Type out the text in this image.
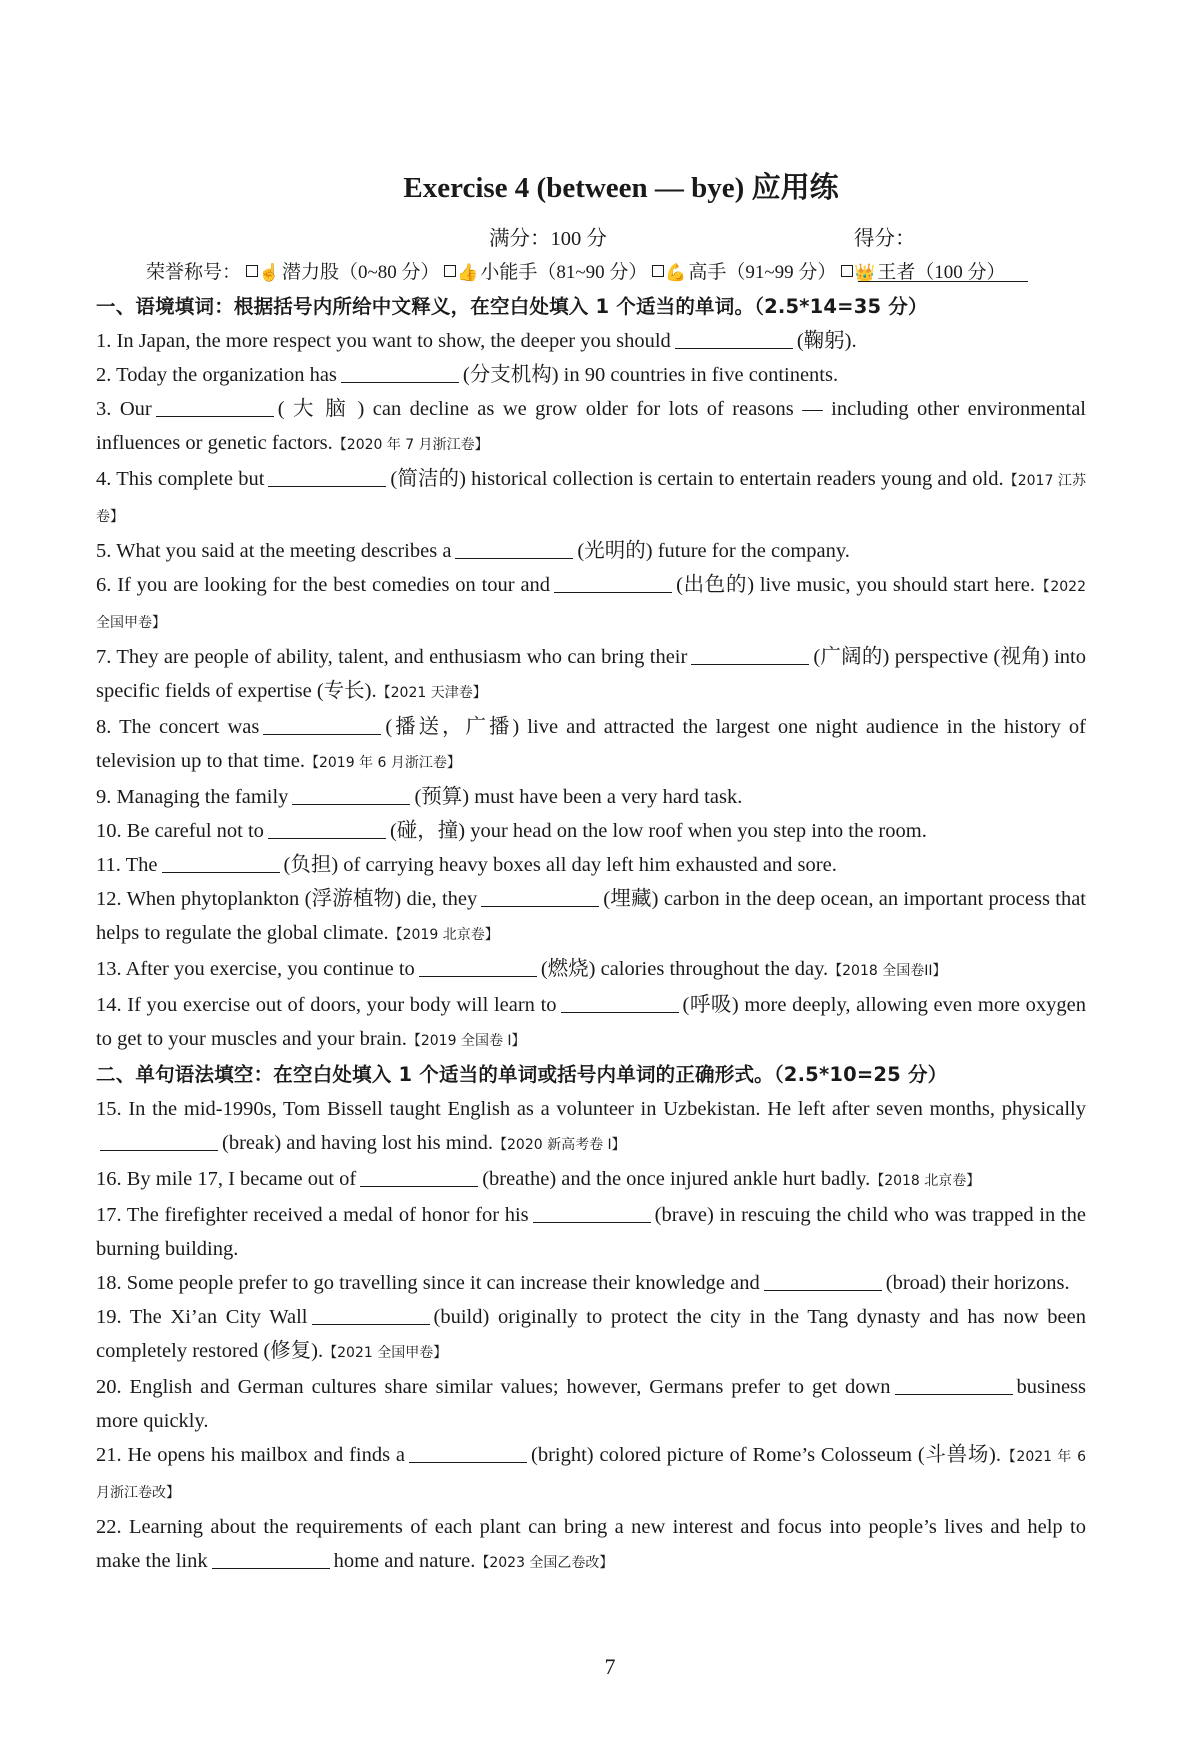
Exercise 4 (between — bye) 应用练
满分：100 分	得分：
荣誉称号： ☝ 潜力股（0~80 分） 👍 小能手（81~90 分） 💪 高手（91~99 分） 👑 王者（100 分）
一、语境填词：根据括号内所给中文释义，在空白处填入 1 个适当的单词。（2.5*14=35 分）
1. In Japan, the more respect you want to show, the deeper you should	(鞠躬).
2. Today the organization has	(分支机构) in 90 countries in five continents.
3. Our	( 大 脑 ) can decline as we grow older for lots of reasons — including other environmental influences or genetic factors.【2020 年 7 月浙江卷】
4. This complete but	(简洁的) historical collection is certain to entertain readers young and old.【2017 江苏卷】
5. What you said at the meeting describes a	(光明的) future for the company.
6. If you are looking for the best comedies on tour and	(出色的) live music, you should start here.【2022 全国甲卷】
7. They are people of ability, talent, and enthusiasm who can bring their	(广阔的) perspective (视角) into specific fields of expertise (专长).【2021 天津卷】
8. The concert was	(播送，广播) live and attracted the largest one night audience in the history of television up to that time.【2019 年 6 月浙江卷】
9. Managing the family	(预算) must have been a very hard task.
10. Be careful not to	(碰，撞) your head on the low roof when you step into the room.
11. The	(负担) of carrying heavy boxes all day left him exhausted and sore.
12. When phytoplankton (浮游植物) die, they	(埋藏) carbon in the deep ocean, an important process that helps to regulate the global climate.【2019 北京卷】
13. After you exercise, you continue to	(燃烧) calories throughout the day.【2018 全国卷II】
14. If you exercise out of doors, your body will learn to	(呼吸) more deeply, allowing even more oxygen to get to your muscles and your brain.【2019 全国卷 I】
二、单句语法填空：在空白处填入 1 个适当的单词或括号内单词的正确形式。（2.5*10=25 分）
15. In the mid-1990s, Tom Bissell taught English as a volunteer in Uzbekistan. He left after seven months, physically(break) and having lost his mind.【2020 新高考卷 I】
16. By mile 17, I became out of	(breathe) and the once injured ankle hurt badly.【2018 北京卷】
17. The firefighter received a medal of honor for his	(brave) in rescuing the child who was trapped in the burning building.
18. Some people prefer to go travelling since it can increase their knowledge and	(broad) their horizons.
19. The Xi’an City Wall	(build) originally to protect the city in the Tang dynasty and has now been completely restored (修复).【2021 全国甲卷】
20. English and German cultures share similar values; however, Germans prefer to get down	business more quickly.
21. He opens his mailbox and finds a	(bright) colored picture of Rome’s Colosseum (斗兽场).【2021 年 6 月浙江卷改】
22. Learning about the requirements of each plant can bring a new interest and focus into people’s lives and help to make the link	home and nature.【2023 全国乙卷改】
7
